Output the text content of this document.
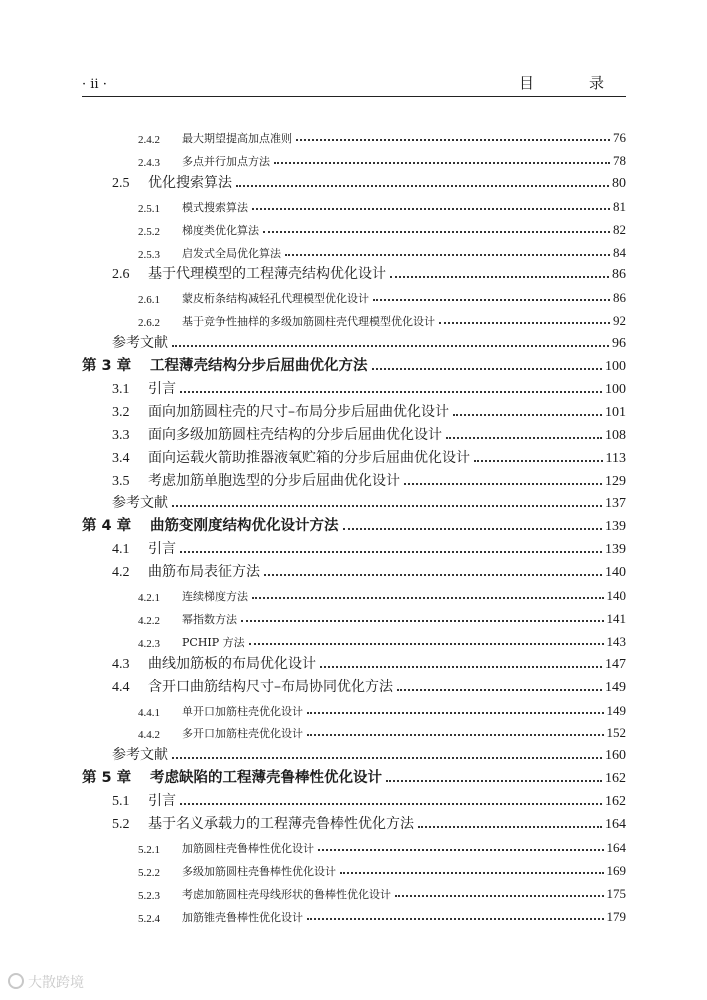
· ii ·	目　录
2.4.2	最大期望提高加点准则	76
2.4.3	多点并行加点方法	78
2.5	优化搜索算法	80
2.5.1	模式搜索算法	81
2.5.2	梯度类优化算法	82
2.5.3	启发式全局优化算法	84
2.6	基于代理模型的工程薄壳结构优化设计	86
2.6.1	蒙皮桁条结构减轻孔代理模型优化设计	86
2.6.2	基于竞争性抽样的多级加筋圆柱壳代理模型优化设计	92
参考文献	96
第 3 章	工程薄壳结构分步后屈曲优化方法	100
3.1	引言	100
3.2	面向加筋圆柱壳的尺寸–布局分步后屈曲优化设计	101
3.3	面向多级加筋圆柱壳结构的分步后屈曲优化设计	108
3.4	面向运载火箭助推器液氧贮箱的分步后屈曲优化设计	113
3.5	考虑加筋单胞选型的分步后屈曲优化设计	129
参考文献	137
第 4 章	曲筋变刚度结构优化设计方法	139
4.1	引言	139
4.2	曲筋布局表征方法	140
4.2.1	连续梯度方法	140
4.2.2	幂指数方法	141
4.2.3	PCHIP 方法	143
4.3	曲线加筋板的布局优化设计	147
4.4	含开口曲筋结构尺寸–布局协同优化方法	149
4.4.1	单开口加筋柱壳优化设计	149
4.4.2	多开口加筋柱壳优化设计	152
参考文献	160
第 5 章	考虑缺陷的工程薄壳鲁棒性优化设计	162
5.1	引言	162
5.2	基于名义承载力的工程薄壳鲁棒性优化方法	164
5.2.1	加筋圆柱壳鲁棒性优化设计	164
5.2.2	多级加筋圆柱壳鲁棒性优化设计	169
5.2.3	考虑加筋圆柱壳母线形状的鲁棒性优化设计	175
5.2.4	加筋锥壳鲁棒性优化设计	179
大散跨境
